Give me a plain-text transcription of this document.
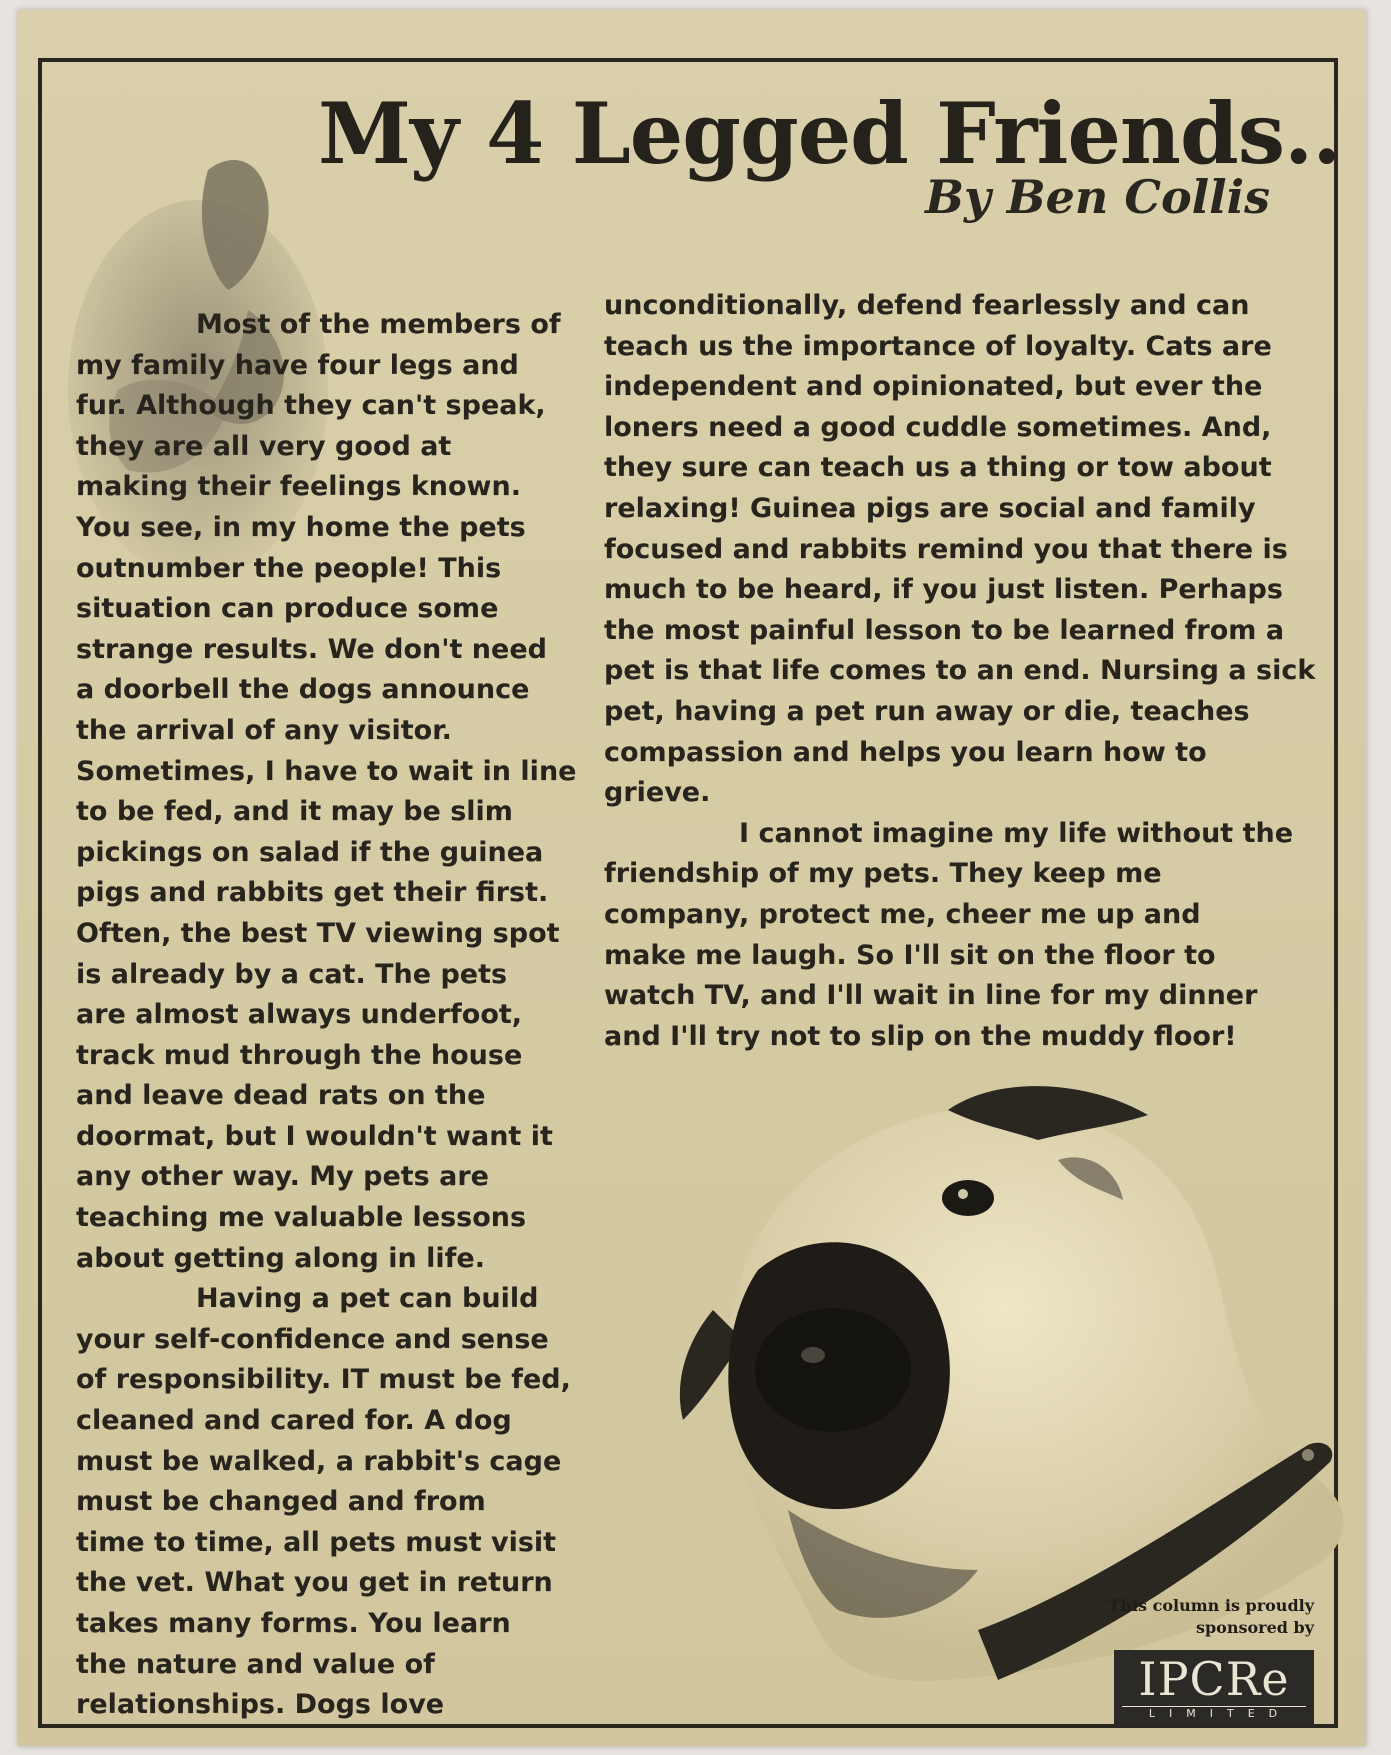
My 4 Legged Friends..
By Ben Collis
Most of the members of
my family have four legs and
fur. Although they can't speak,
they are all very good at
making their feelings known.
You see, in my home the pets
outnumber the people! This
situation can produce some
strange results. We don't need
a doorbell the dogs announce
the arrival of any visitor.
Sometimes, I have to wait in line
to be fed, and it may be slim
pickings on salad if the guinea
pigs and rabbits get their first.
Often, the best TV viewing spot
is already by a cat. The pets
are almost always underfoot,
track mud through the house
and leave dead rats on the
doormat, but I wouldn't want it
any other way. My pets are
teaching me valuable lessons
about getting along in life.
Having a pet can build
your self-confidence and sense
of responsibility. IT must be fed,
cleaned and cared for. A dog
must be walked, a rabbit's cage
must be changed and from
time to time, all pets must visit
the vet. What you get in return
takes many forms. You learn
the nature and value of
relationships. Dogs love
unconditionally, defend fearlessly and can
teach us the importance of loyalty. Cats are
independent and opinionated, but ever the
loners need a good cuddle sometimes. And,
they sure can teach us a thing or tow about
relaxing! Guinea pigs are social and family
focused and rabbits remind you that there is
much to be heard, if you just listen. Perhaps
the most painful lesson to be learned from a
pet is that life comes to an end. Nursing a sick
pet, having a pet run away or die, teaches
compassion and helps you learn how to
grieve.
I cannot imagine my life without the
friendship of my pets. They keep me
company, protect me, cheer me up and
make me laugh. So I'll sit on the floor to
watch TV, and I'll wait in line for my dinner
and I'll try not to slip on the muddy floor!
This column is proudly
sponsored by
IPCRe
LIMITED
